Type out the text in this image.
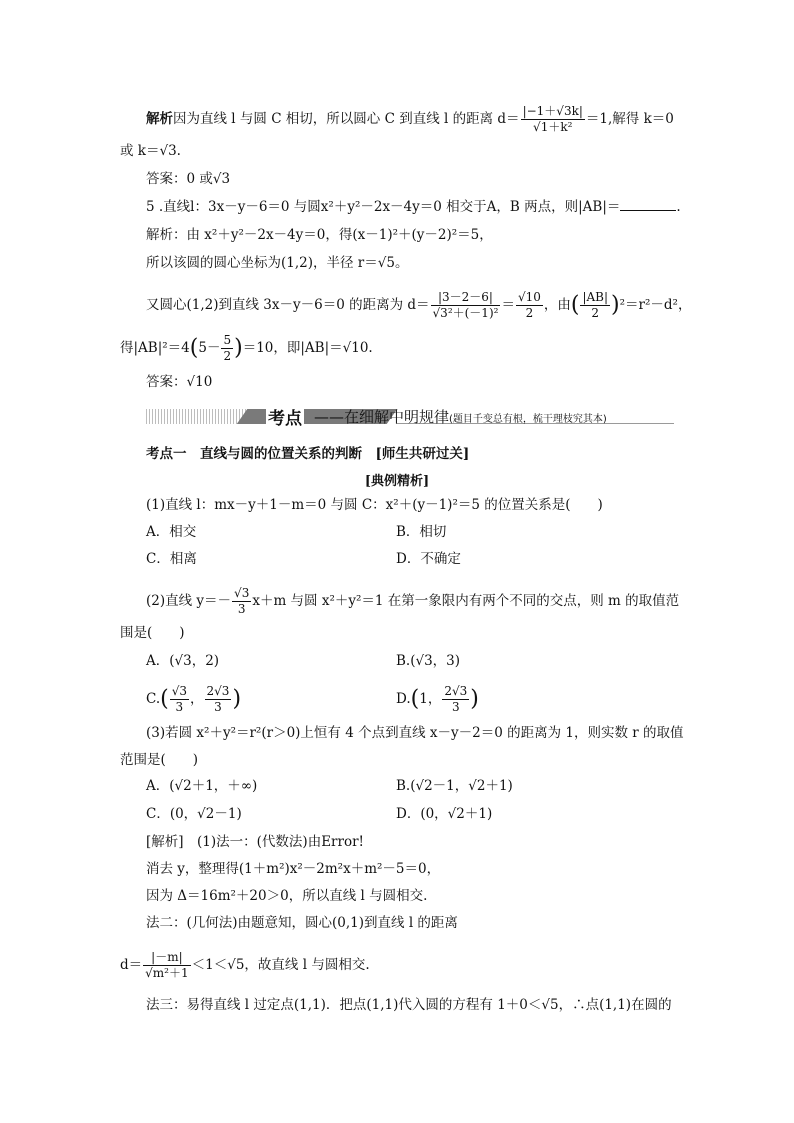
解析因为直线 l 与圆 C 相切，所以圆心 C 到直线 l 的距离 $d= \frac{|-1+√3k|}{\text{√1＋k²}} =1$,解得 k＝0
或 k＝√3.
答案：0 或√3
5 .直线l：3x－y－6＝0 与圆x²＋y²－2x－4y＝0 相交于A，B 两点，则|AB|＝	.
解析：由 x²＋y²－2x－4y＝0，得(x－1)²＋(y－2)²＝5，
所以该圆的圆心坐标为(1,2)，半径 r＝√5。
又圆心(1,2)到直线 3x－y－6＝0 的距离为 $d= \frac{|3-2-6|}{\text{√3²＋(－1)²}} = \frac{√10}{2}$ ，由( $\frac{|AB|}{2} )^2=r^2-d^2$，
得$|AB|^2=4(5- \frac{5}{2} )=10$，即|AB|＝√10.
答案：√10
考点 ——在细解中明规律(题目千变总有根，梳干理枝究其本)
考点一　直线与圆的位置关系的判断　[师生共研过关]
[典例精析]
(1)直线 l：mx－y＋1－m＝0 与圆 C：x²＋(y－1)²＝5 的位置关系是(　　)
A．相交	B．相切
C．相离	D．不确定
(2)直线 $y=- \frac{√3}{3} x+m$ 与圆 x²＋y²＝1 在第一象限内有两个不同的交点，则 m 的取值范
围是(　　)
A．(√3，2)	B.(√3，3)
$C.( \frac{√3}{3}$ ， $\frac{2√3}{3}$ )	D.(1， $\frac{2√3}{3}$ )
(3)若圆 x²＋y²＝r²(r＞0)上恒有 4 个点到直线 x－y－2＝0 的距离为 1，则实数 r 的取值
范围是(　　)
A．(√2＋1，＋∞)	B.(√2－1，√2＋1)
C．(0，√2－1)	D．(0，√2＋1)
[解析]　(1)法一：(代数法)由Error!
消去 y，整理得(1＋m²)x²－2m²x＋m²－5＝0，
因为 Δ＝16m²＋20＞0，所以直线 l 与圆相交.
法二：(几何法)由题意知，圆心(0,1)到直线 l 的距离
$d= \frac{|-m|}{\text{√m²＋1}} <1<√5$，故直线 l 与圆相交.
法三：易得直线 l 过定点(1,1)．把点(1,1)代入圆的方程有 1＋0＜√5，∴点(1,1)在圆的
